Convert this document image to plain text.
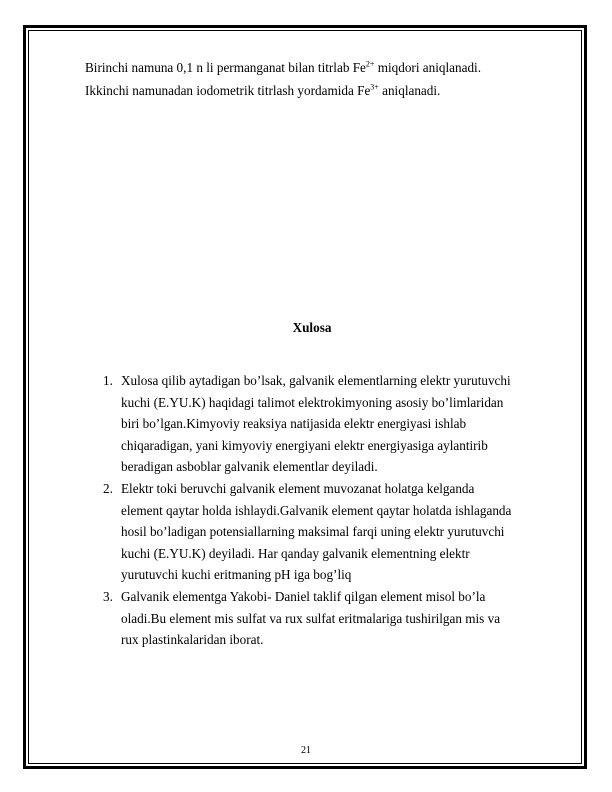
Birinchi namuna 0,1 n li permanganat bilan titrlab $Fe^{2+}$ miqdori aniqlanadi.
Ikkinchi namunadan iodometrik titrlash yordamida $Fe^{3+}$ aniqlanadi.

Xulosa

1. Xulosa qilib aytadigan bo’lsak, galvanik elementlarning elektr yurutuvchi
kuchi (E.YU.K) haqidagi talimot elektrokimyoning asosiy bo’limlaridan
biri bo’lgan.Kimyoviy reaksiya natijasida elektr energiyasi ishlab
chiqaradigan, yani kimyoviy energiyani elektr energiyasiga aylantirib
beradigan asboblar galvanik elementlar deyiladi.
2. Elektr toki beruvchi galvanik element muvozanat holatga kelganda
element qaytar holda ishlaydi.Galvanik element qaytar holatda ishlaganda
hosil bo’ladigan potensiallarning maksimal farqi uning elektr yurutuvchi
kuchi (E.YU.K) deyiladi. Har qanday galvanik elementning elektr
yurutuvchi kuchi eritmaning pH iga bog’liq
3. Galvanik elementga Yakobi- Daniel taklif qilgan element misol bo’la
oladi.Bu element mis sulfat va rux sulfat eritmalariga tushirilgan mis va
rux plastinkalaridan iborat.

21
